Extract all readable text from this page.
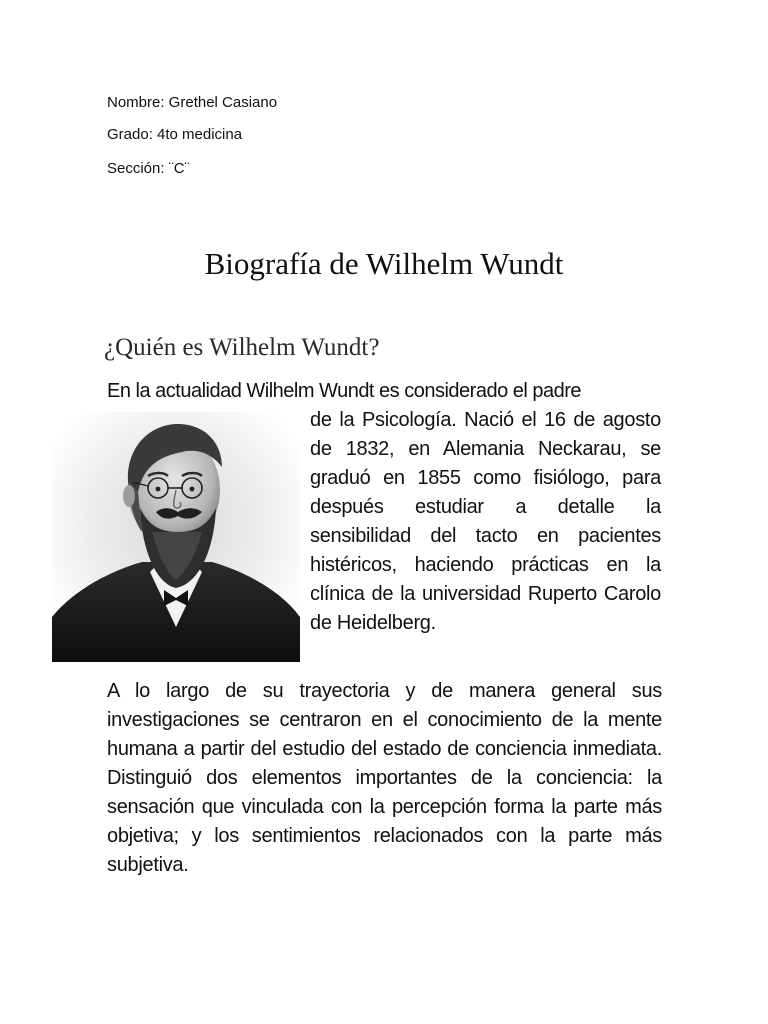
Nombre: Grethel Casiano

Grado: 4to medicina

Sección: ¨C¨

Biografía de Wilhelm Wundt
¿Quién es Wilhelm Wundt?

En la actualidad Wilhelm Wundt es considerado el padre

de la Psicología. Nació el 16 de agosto de 1832, en Alemania Neckarau, se graduó en 1855 como fisiólogo, para después estudiar a detalle la sensibilidad del tacto en pacientes histéricos, haciendo prácticas en la clínica de la universidad Ruperto Carolo de Heidelberg.

A lo largo de su trayectoria y de manera general sus investigaciones se centraron en el conocimiento de la mente humana a partir del estudio del estado de conciencia inmediata. Distinguió dos elementos importantes de la conciencia: la sensación que vinculada con la percepción forma la parte más objetiva; y los sentimientos relacionados con la parte más subjetiva.
